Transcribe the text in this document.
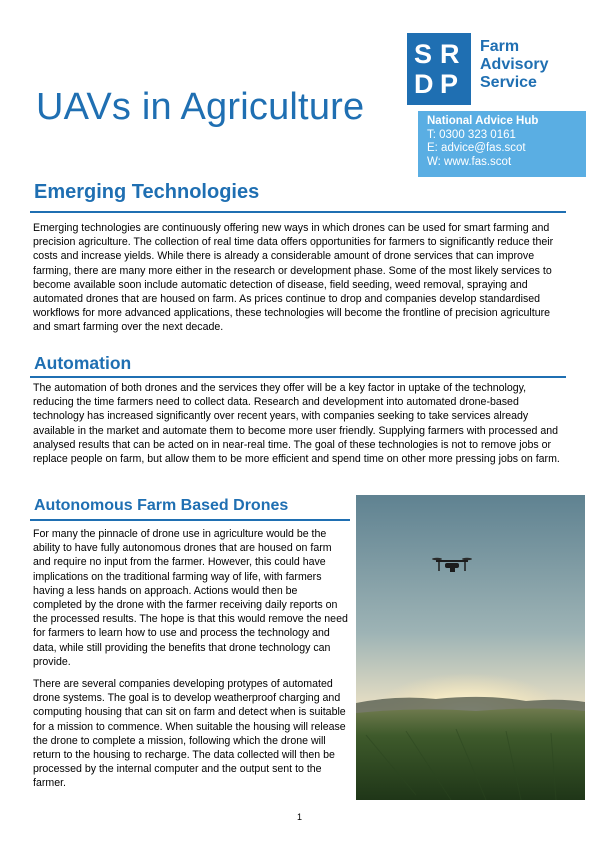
UAVs in Agriculture
S R
D P
Farm
Advisory
Service
National Advice Hub
T: 0300 323 0161
E: advice@fas.scot
W: www.fas.scot
Emerging Technologies

Emerging technologies are continuously offering new ways in which drones can be used for smart farming and precision agriculture. The collection of real time data offers opportunities for farmers to significantly reduce their costs and increase yields. While there is already a considerable amount of drone services that can improve farming, there are many more either in the research or development phase. Some of the most likely services to become available soon include automatic detection of disease, field seeding, weed removal, spraying and automated drones that are housed on farm. As prices continue to drop and companies develop standardised workflows for more advanced applications, these technologies will become the frontline of precision agriculture and smart farming over the next decade.

Automation

The automation of both drones and the services they offer will be a key factor in uptake of the technology, reducing the time farmers need to collect data. Research and development into automated drone-based technology has increased significantly over recent years, with companies seeking to take services already available in the market and automate them to become more user friendly. Supplying farmers with processed and analysed results that can be acted on in near-real time. The goal of these technologies is not to remove jobs or replace people on farm, but allow them to be more efficient and spend time on other more pressing jobs on farm.

Autonomous Farm Based Drones

For many the pinnacle of drone use in agriculture would be the ability to have fully autonomous drones that are housed on farm and require no input from the farmer. However, this could have implications on the traditional farming way of life, with farmers having a less hands on approach. Actions would then be completed by the drone with the farmer receiving daily reports on the processed results. The hope is that this would remove the need for farmers to learn how to use and process the technology and data, while still providing the benefits that drone technology can provide.

There are several companies developing protypes of automated drone systems. The goal is to develop weatherproof charging and computing housing that can sit on farm and detect when is suitable for a mission to commence. When suitable the housing will release the drone to complete a mission, following which the drone will return to the housing to recharge. The data collected will then be processed by the internal computer and the output sent to the farmer.

1
